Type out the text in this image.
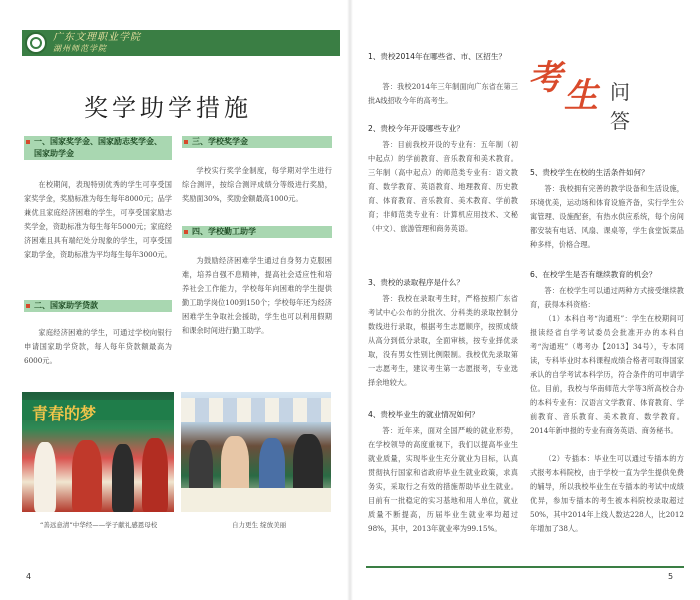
广东文理职业学院
湖州师范学院
奖学助学措施
一、国家奖学金、国家励志奖学金、国家助学金

在校期间，表现特别优秀的学生可享受国家奖学金，奖励标准为每生每年8000元；品学兼优且家庭经济困难的学生，可享受国家励志奖学金，资助标准为每生每年5000元；家庭经济困难且具有端纪处分现象的学生，可享受国家助学金，资助标准为平均每生每年3000元。

二、国家助学贷款

家庭经济困难的学生，可通过学校向银行申请国家助学贷款，每人每年贷款额最高为6000元。

三、学校奖学金

学校实行奖学金制度，每学期对学生进行综合测评，按综合测评成绩分等级进行奖励，奖励面30%，奖励金额最高1000元。

四、学校勤工助学

为鼓励经济困难学生通过自身努力克服困难，培养自强不息精神，提高社会适应性和培养社会工作能力，学校每年向困难的学生提供勤工助学岗位100到150个；学校每年还为经济困难学生争取社会援助，学生也可以利用假期和课余时间进行勤工助学。

青春的梦
“善远意清”中华经——学子献礼感恩母校	自力更生 绽放美丽
4
考 生 问答
1、贵校2014年在哪些省、市、区招生？

答：我校2014年三年制面向广东省在第三批A线招收今年的高考生。

2、贵校今年开设哪些专业？

答：目前我校开设的专业有：五年制（初中起点）的学前教育、音乐教育和美术教育。三年制（高中起点）的师范类专业有：语文教育、数学教育、英语教育、地理教育、历史教育、体育教育、音乐教育、美术教育、学前教育；非师范类专业有：计算机应用技术、文秘（中文）、旅游管理和商务英语。

3、贵校的录取程序是什么？

答：我校在录取考生时，严格按照广东省考试中心公布的分批次、分科类的录取控制分数线进行录取，根据考生志愿顺序，按照成绩从高分到低分录取，全面审核，按专业择优录取，没有男女性别比例限制。我校优先录取第一志愿考生，建议考生第一志愿报考，专业选择余地较大。

4、贵校毕业生的就业情况如何？

答：近年来，面对全国严峻的就业形势，在学校领导的高度重视下，我们以提高毕业生就业质量，实现毕业生充分就业为目标，认真贯彻执行国家和省政府毕业生就业政策，求真务实，采取行之有效的措施帮助毕业生就业。目前有一批稳定的实习基地和用人单位，就业质量不断提高，历届毕业生就业率均超过98%，其中，2013年就业率为99.15%。

5、贵校学生在校的生活条件如何？

答：我校拥有完善的教学设备和生活设施，环境优美，运动场和体育设施齐备，实行学生公寓管理、设施配套，有热水供应系统，每个房间都安装有电话、风扇、课桌等，学生食堂饭菜品种多样，价格合理。

6、在校学生是否有继续教育的机会？

答：在校学生可以通过两种方式接受继续教育，获得本科资格：

（1）本科自考“沟通班”：学生在校期间可报读经省自学考试委员会批准开办的本科自考“沟通班”（粤考办【2013】34号），专本同读，专科毕业时本科课程成绩合格者可取得国家承认的自学考试本科学历，符合条件的可申请学位。目前，我校与华南师范大学等3所高校合办的本科专业有：汉语言文学教育、体育教育、学前教育、音乐教育、美术教育、数学教育。2014年新申报的专业有商务英语、商务秘书。

（2）专插本：毕业生可以通过专插本的方式报考本科院校，由于学校一直为学生提供免费的辅导，所以我校毕业生在专插本的考试中成绩优异，参加专插本的考生被本科院校录取超过50%，其中2014年上线人数达228人，比2012年增加了38人。

5
